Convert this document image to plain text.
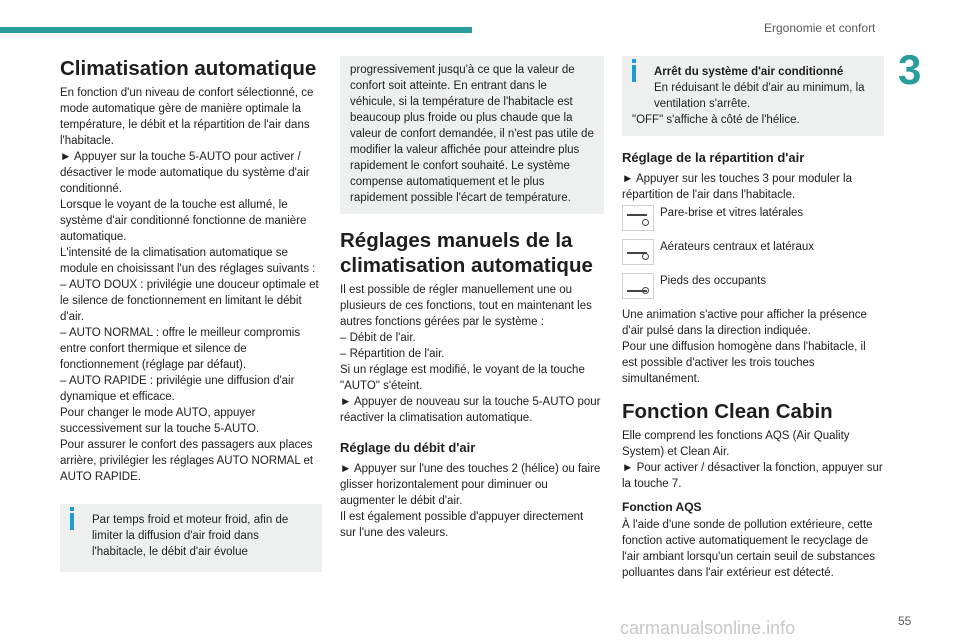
Ergonomie et confort
3
Climatisation automatique

En fonction d'un niveau de confort sélectionné, ce mode automatique gère de manière optimale la température, le débit et la répartition de l'air dans l'habitacle.

► Appuyer sur la touche 5-AUTO pour activer / désactiver le mode automatique du système d'air conditionné.

Lorsque le voyant de la touche est allumé, le système d'air conditionné fonctionne de manière automatique.

L'intensité de la climatisation automatique se module en choisissant l'un des réglages suivants :

– AUTO DOUX : privilégie une douceur optimale et le silence de fonctionnement en limitant le débit d'air.

– AUTO NORMAL : offre le meilleur compromis entre confort thermique et silence de fonctionnement (réglage par défaut).

– AUTO RAPIDE : privilégie une diffusion d'air dynamique et efficace.

Pour changer le mode AUTO, appuyer successivement sur la touche 5-AUTO.

Pour assurer le confort des passagers aux places arrière, privilégier les réglages AUTO NORMAL et AUTO RAPIDE.

Par temps froid et moteur froid, afin de limiter la diffusion d'air froid dans l'habitacle, le débit d'air évolue

progressivement jusqu'à ce que la valeur de confort soit atteinte. En entrant dans le véhicule, si la température de l'habitacle est beaucoup plus froide ou plus chaude que la valeur de confort demandée, il n'est pas utile de modifier la valeur affichée pour atteindre plus rapidement le confort souhaité. Le système compense automatiquement et le plus rapidement possible l'écart de température.

Réglages manuels de la climatisation automatique

Il est possible de régler manuellement une ou plusieurs de ces fonctions, tout en maintenant les autres fonctions gérées par le système :

– Débit de l'air.

– Répartition de l'air.

Si un réglage est modifié, le voyant de la touche "AUTO" s'éteint.

► Appuyer de nouveau sur la touche 5-AUTO pour réactiver la climatisation automatique.

Réglage du débit d'air

► Appuyer sur l'une des touches 2 (hélice) ou faire glisser horizontalement pour diminuer ou augmenter le débit d'air.

Il est également possible d'appuyer directement sur l'une des valeurs.

Arrêt du système d'air conditionné

En réduisant le débit d'air au minimum, la ventilation s'arrête.

"OFF" s'affiche à côté de l'hélice.

Réglage de la répartition d'air

► Appuyer sur les touches 3 pour moduler la répartition de l'air dans l'habitacle.

Pare-brise et vitres latérales

Aérateurs centraux et latéraux

Pieds des occupants

Une animation s'active pour afficher la présence d'air pulsé dans la direction indiquée.

Pour une diffusion homogène dans l'habitacle, il est possible d'activer les trois touches simultanément.

Fonction Clean Cabin

Elle comprend les fonctions AQS (Air Quality System) et Clean Air.

► Pour activer / désactiver la fonction, appuyer sur la touche 7.

Fonction AQS

À l'aide d'une sonde de pollution extérieure, cette fonction active automatiquement le recyclage de l'air ambiant lorsqu'un certain seuil de substances polluantes dans l'air extérieur est détecté.

carmanualsonline.info	55
